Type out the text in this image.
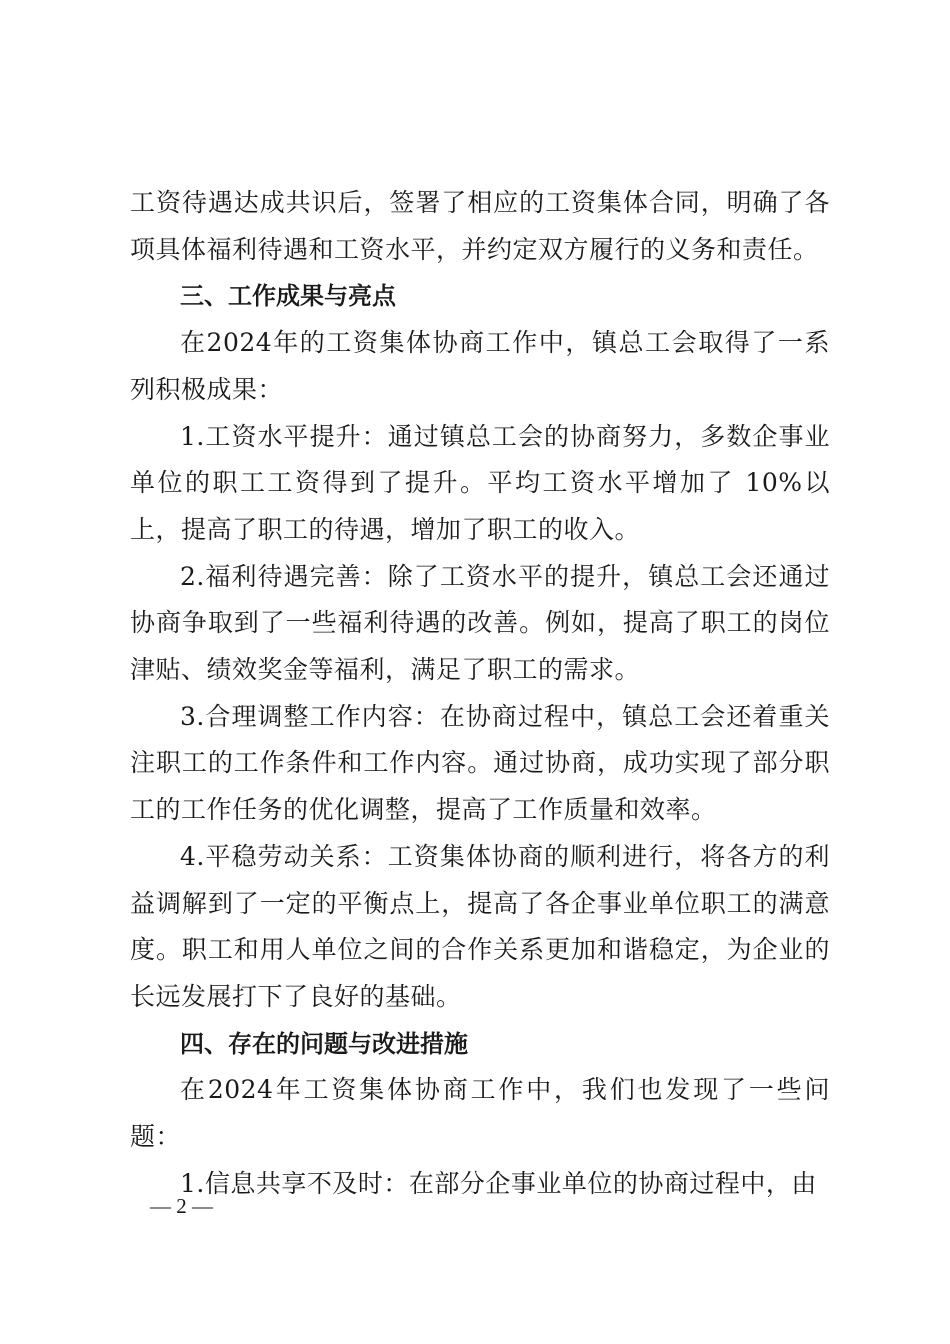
工资待遇达成共识后，签署了相应的工资集体合同，明确了各项具体福利待遇和工资水平，并约定双方履行的义务和责任。

三、工作成果与亮点

在2024年的工资集体协商工作中，镇总工会取得了一系列积极成果：

1.工资水平提升：通过镇总工会的协商努力，多数企事业单位的职工工资得到了提升。平均工资水平增加了 10%以上，提高了职工的待遇，增加了职工的收入。

2.福利待遇完善：除了工资水平的提升，镇总工会还通过协商争取到了一些福利待遇的改善。例如，提高了职工的岗位津贴、绩效奖金等福利，满足了职工的需求。

3.合理调整工作内容：在协商过程中，镇总工会还着重关注职工的工作条件和工作内容。通过协商，成功实现了部分职工的工作任务的优化调整，提高了工作质量和效率。

4.平稳劳动关系：工资集体协商的顺利进行，将各方的利益调解到了一定的平衡点上，提高了各企事业单位职工的满意度。职工和用人单位之间的合作关系更加和谐稳定，为企业的长远发展打下了良好的基础。

四、存在的问题与改进措施

在2024年工资集体协商工作中，我们也发现了一些问题：

1.信息共享不及时：在部分企事业单位的协商过程中，由

— 2 —
